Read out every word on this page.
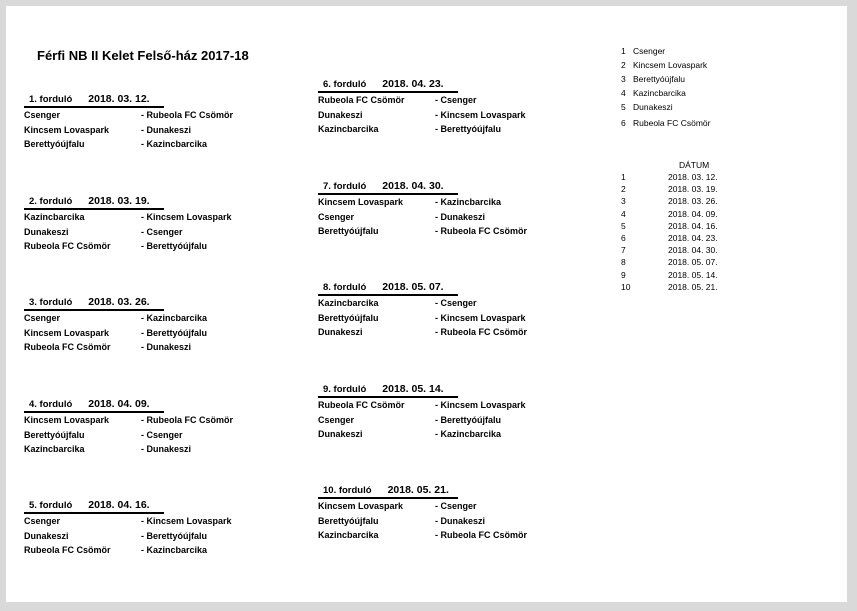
Férfi NB II Kelet Felső-ház 2017-18
1. forduló 2018. 03. 12.
Csenger	- Rubeola FC Csömör
Kincsem Lovaspark	- Dunakeszi
Berettyóújfalu	- Kazincbarcika
2. forduló 2018. 03. 19.
Kazincbarcika	- Kincsem Lovaspark
Dunakeszi	- Csenger
Rubeola FC Csömör	- Berettyóújfalu
3. forduló 2018. 03. 26.
Csenger	- Kazincbarcika
Kincsem Lovaspark	- Berettyóújfalu
Rubeola FC Csömör	- Dunakeszi
4. forduló 2018. 04. 09.
Kincsem Lovaspark	- Rubeola FC Csömör
Berettyóújfalu	- Csenger
Kazincbarcika	- Dunakeszi
5. forduló 2018. 04. 16.
Csenger	- Kincsem Lovaspark
Dunakeszi	- Berettyóújfalu
Rubeola FC Csömör	- Kazincbarcika
6. forduló 2018. 04. 23.
Rubeola FC Csömör	- Csenger
Dunakeszi	- Kincsem Lovaspark
Kazincbarcika	- Berettyóújfalu
7. forduló 2018. 04. 30.
Kincsem Lovaspark	- Kazincbarcika
Csenger	- Dunakeszi
Berettyóújfalu	- Rubeola FC Csömör
8. forduló 2018. 05. 07.
Kazincbarcika	- Csenger
Berettyóújfalu	- Kincsem Lovaspark
Dunakeszi	- Rubeola FC Csömör
9. forduló 2018. 05. 14.
Rubeola FC Csömör	- Kincsem Lovaspark
Csenger	- Berettyóújfalu
Dunakeszi	- Kazincbarcika
10. forduló 2018. 05. 21.
Kincsem Lovaspark	- Csenger
Berettyóújfalu	- Dunakeszi
Kazincbarcika	- Rubeola FC Csömör
1 Csenger
2 Kincsem Lovaspark
3 Berettyóújfalu
4 Kazincbarcika
5 Dunakeszi
6 Rubeola FC Csömör
DÁTUM
1	2018. 03. 12.
2	2018. 03. 19.
3	2018. 03. 26.
4	2018. 04. 09.
5	2018. 04. 16.
6	2018. 04. 23.
7	2018. 04. 30.
8	2018. 05. 07.
9	2018. 05. 14.
10	2018. 05. 21.
